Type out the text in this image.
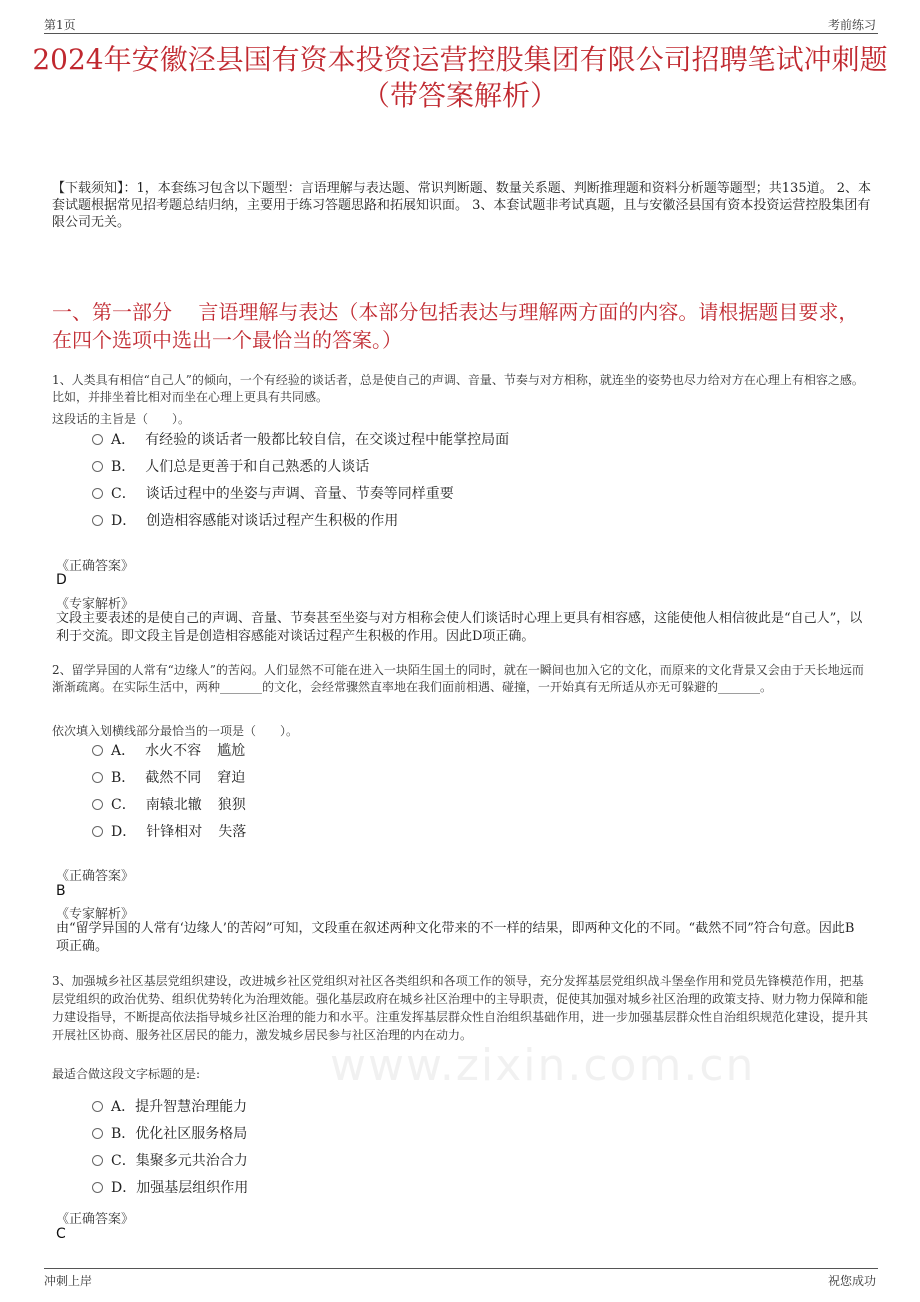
第1页	考前练习
2024年安徽泾县国有资本投资运营控股集团有限公司招聘笔试冲刺题（带答案解析）
【下载须知】：1，本套练习包含以下题型：言语理解与表达题、常识判断题、数量关系题、判断推理题和资料分析题等题型；共135道。 2、本套试题根据常见招考题总结归纳，主要用于练习答题思路和拓展知识面。 3、本套试题非考试真题，且与安徽泾县国有资本投资运营控股集团有限公司无关。
一、第一部分　 言语理解与表达（本部分包括表达与理解两方面的内容。请根据题目要求，在四个选项中选出一个最恰当的答案。）
www.zixin.com.cn
1、人类具有相信“自己人”的倾向，一个有经验的谈话者，总是使自己的声调、音量、节奏与对方相称，就连坐的姿势也尽力给对方在心理上有相容之感。比如，并排坐着比相对而坐在心理上更具有共同感。
这段话的主旨是（　　）。
A． 有经验的谈话者一般都比较自信，在交谈过程中能掌控局面
B． 人们总是更善于和自己熟悉的人谈话
C． 谈话过程中的坐姿与声调、音量、节奏等同样重要
D． 创造相容感能对谈话过程产生积极的作用
《正确答案》
D
《专家解析》
文段主要表述的是使自己的声调、音量、节奏甚至坐姿与对方相称会使人们谈话时心理上更具有相容感，这能使他人相信彼此是“自己人”，以利于交流。即文段主旨是创造相容感能对谈话过程产生积极的作用。因此D项正确。
2、留学异国的人常有“边缘人”的苦闷。人们显然不可能在进入一块陌生国土的同时，就在一瞬间也加入它的文化，而原来的文化背景又会由于天长地远而渐渐疏离。在实际生活中，两种_______的文化，会经常骤然直率地在我们面前相遇、碰撞，一开始真有无所适从亦无可躲避的_______。
依次填入划横线部分最恰当的一项是（　　）。
A． 水火不容 尴尬
B． 截然不同 窘迫
C． 南辕北辙 狼狈
D． 针锋相对 失落
《正确答案》
B
《专家解析》
由“留学异国的人常有‘边缘人’的苦闷”可知，文段重在叙述两种文化带来的不一样的结果，即两种文化的不同。“截然不同”符合句意。因此B项正确。
3、加强城乡社区基层党组织建设，改进城乡社区党组织对社区各类组织和各项工作的领导，充分发挥基层党组织战斗堡垒作用和党员先锋模范作用，把基层党组织的政治优势、组织优势转化为治理效能。强化基层政府在城乡社区治理中的主导职责，促使其加强对城乡社区治理的政策支持、财力物力保障和能力建设指导，不断提高依法指导城乡社区治理的能力和水平。注重发挥基层群众性自治组织基础作用，进一步加强基层群众性自治组织规范化建设，提升其开展社区协商、服务社区居民的能力，激发城乡居民参与社区治理的内在动力。
最适合做这段文字标题的是:
A．提升智慧治理能力
B．优化社区服务格局
C．集聚多元共治合力
D．加强基层组织作用
《正确答案》
C
冲刺上岸	祝您成功
